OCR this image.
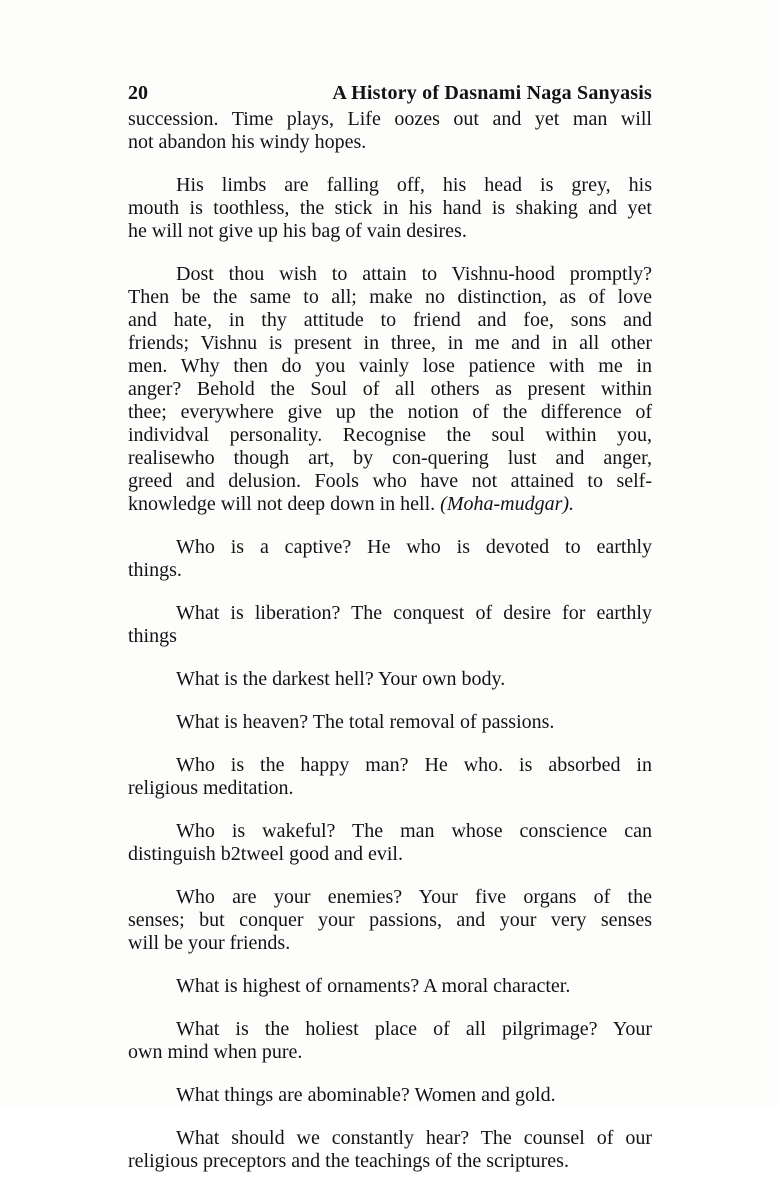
20	A History of Dasnami Naga Sanyasis

succession. Time plays, Life oozes out and yet man will
not abandon his windy hopes.

His limbs are falling off, his head is grey, his
mouth is toothless, the stick in his hand is shaking and yet
he will not give up his bag of vain desires.

Dost thou wish to attain to Vishnu-hood promptly?
Then be the same to all; make no distinction, as of love
and hate, in thy attitude to friend and foe, sons and
friends; Vishnu is present in three, in me and in all other
men. Why then do you vainly lose patience with me in
anger? Behold the Soul of all others as present within
thee; everywhere give up the notion of the difference of
individval personality. Recognise the soul within you,
realisewho though art, by con-quering lust and anger,
greed and delusion. Fools who have not attained to self-
knowledge will not deep down in hell. (Moha-mudgar).

Who is a captive? He who is devoted to earthly
things.

What is liberation? The conquest of desire for earthly
things

What is the darkest hell? Your own body.

What is heaven? The total removal of passions.

Who is the happy man? He who. is absorbed in
religious meditation.

Who is wakeful? The man whose conscience can
distinguish b2tweel good and evil.

Who are your enemies? Your five organs of the
senses; but conquer your passions, and your very senses
will be your friends.

What is highest of ornaments? A moral character.

What is the holiest place of all pilgrimage? Your
own mind when pure.

What things are abominable? Women and gold.

What should we constantly hear? The counsel of our
religious preceptors and the teachings of the scriptures.
